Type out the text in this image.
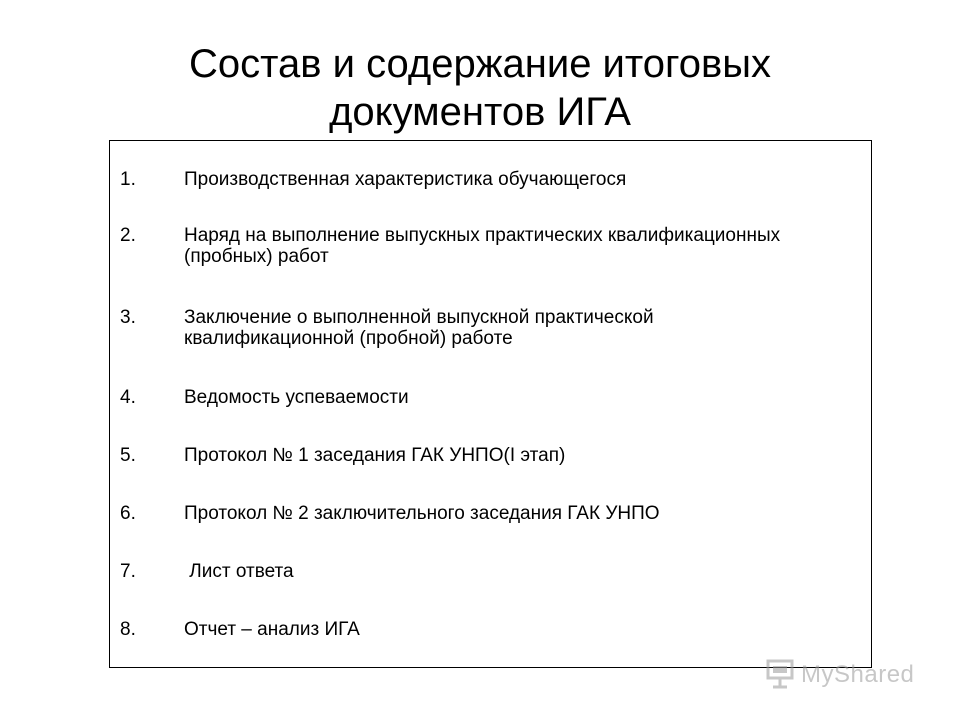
Состав и содержание итоговых
документов ИГА
1.	Производственная характеристика обучающегося
2.	Наряд на выполнение выпускных практических квалификационных (пробных) работ
3.	Заключение о выполненной выпускной практической квалификационной (пробной) работе
4.	Ведомость успеваемости
5.	Протокол № 1 заседания ГАК УНПО(I этап)
6.	Протокол № 2 заключительного заседания ГАК УНПО
7.	Лист ответа
8.	Отчет – анализ ИГА
MyShared
